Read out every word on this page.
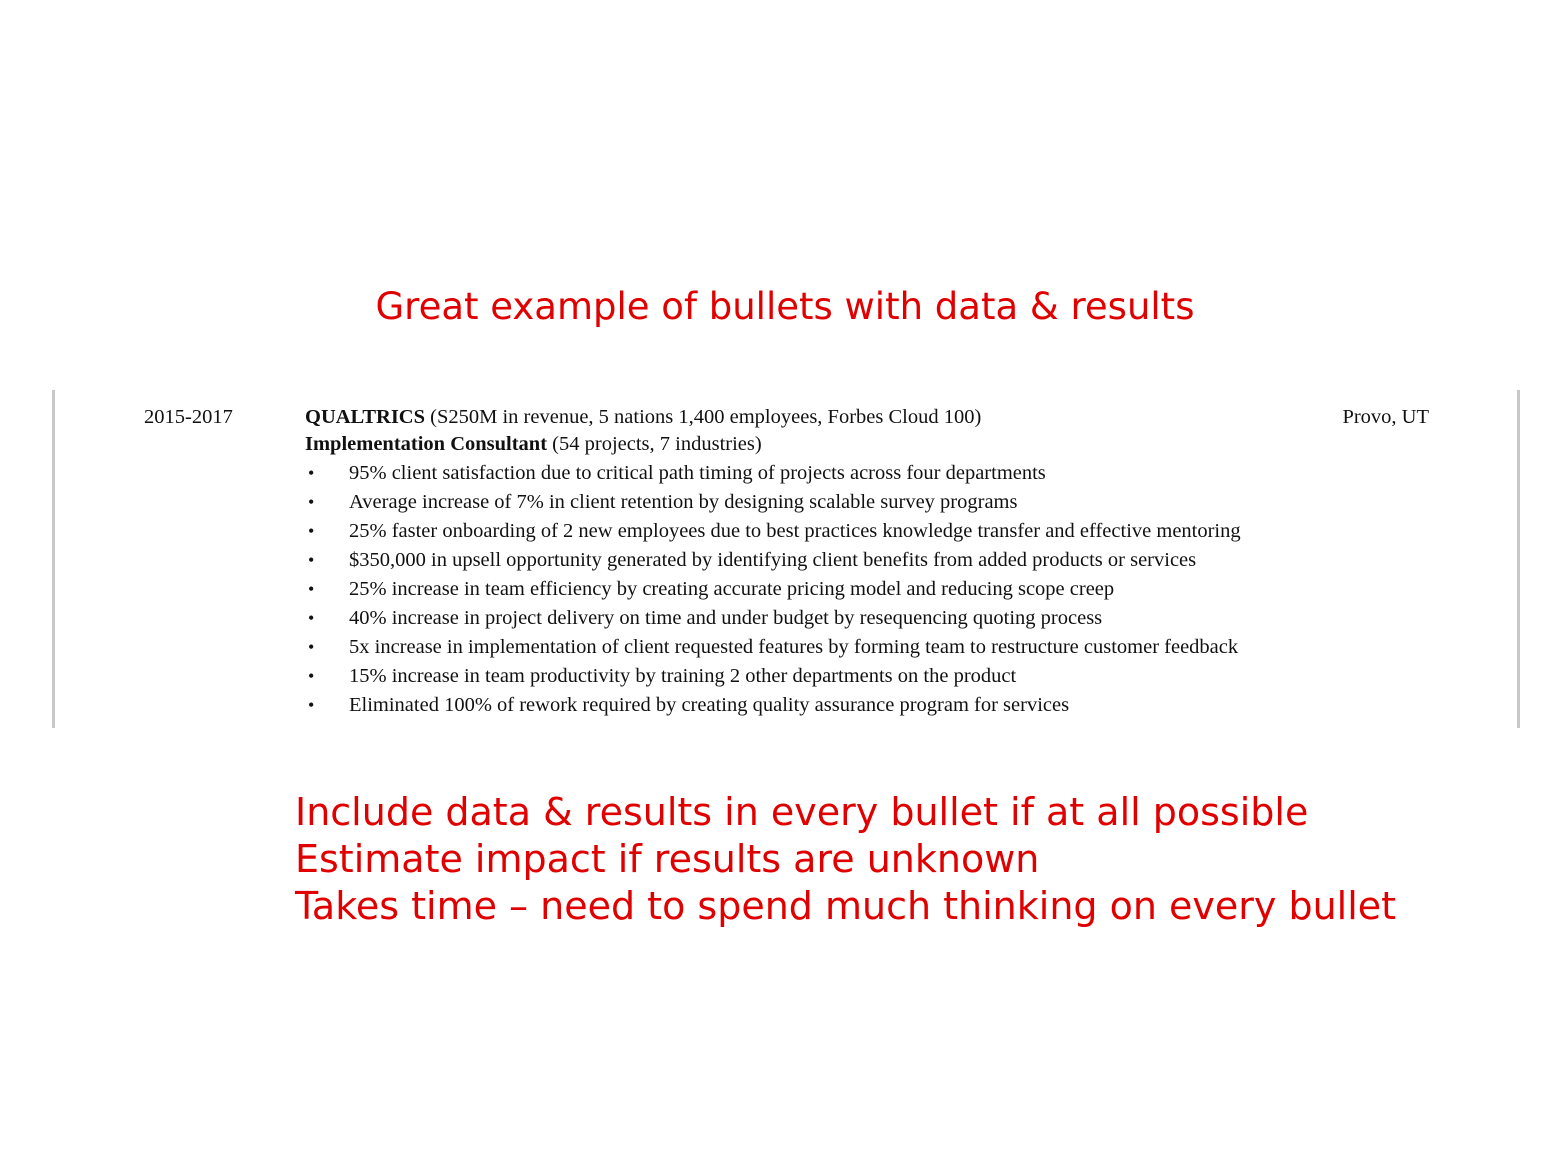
Great example of bullets with data & results
2015-2017	QUALTRICS (S250M in revenue, 5 nations 1,400 employees, Forbes Cloud 100)	Provo, UT
Implementation Consultant (54 projects, 7 industries)
• 95% client satisfaction due to critical path timing of projects across four departments
• Average increase of 7% in client retention by designing scalable survey programs
• 25% faster onboarding of 2 new employees due to best practices knowledge transfer and effective mentoring
• $350,000 in upsell opportunity generated by identifying client benefits from added products or services
• 25% increase in team efficiency by creating accurate pricing model and reducing scope creep
• 40% increase in project delivery on time and under budget by resequencing quoting process
• 5x increase in implementation of client requested features by forming team to restructure customer feedback
• 15% increase in team productivity by training 2 other departments on the product
• Eliminated 100% of rework required by creating quality assurance program for services
Include data & results in every bullet if at all possible
Estimate impact if results are unknown
Takes time – need to spend much thinking on every bullet
